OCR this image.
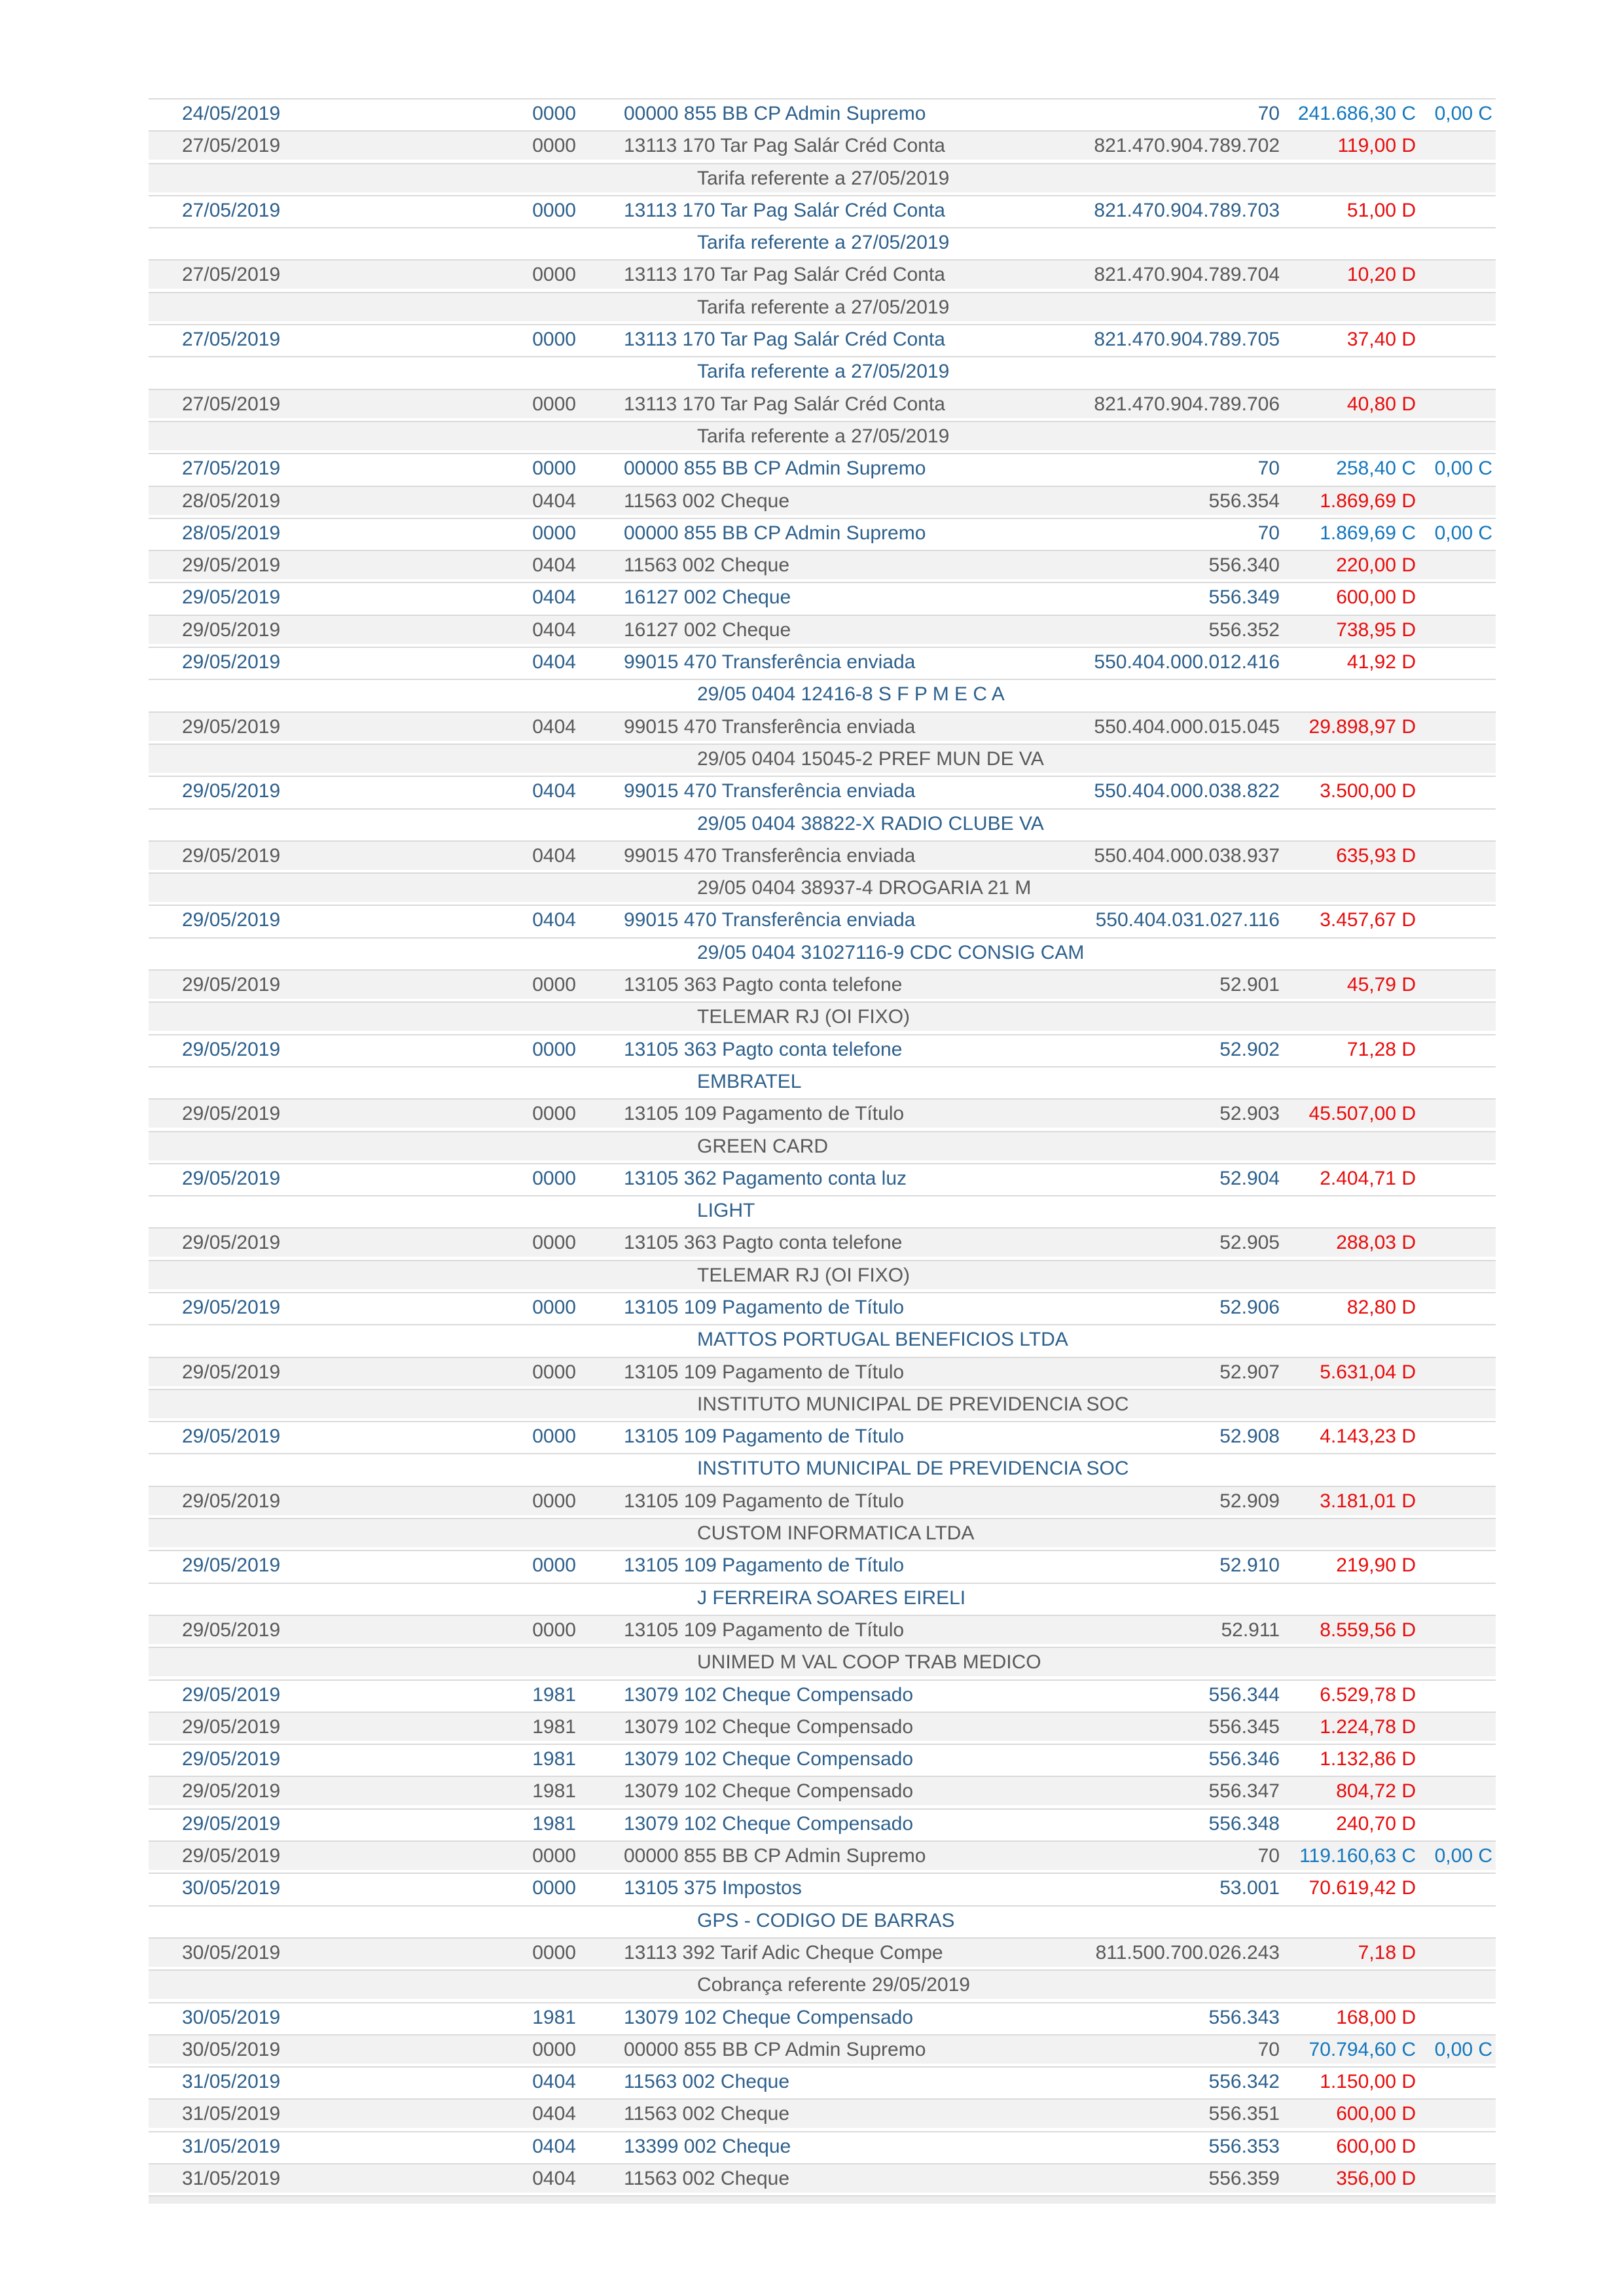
24/05/2019	0000	00000 855 BB CP Admin Supremo	70 241.686,30 C 0,00 C
27/05/2019	0000	13113 170 Tar Pag Salár Créd Conta	821.470.904.789.702	119,00 D
Tarifa referente a 27/05/2019
27/05/2019	0000	13113 170 Tar Pag Salár Créd Conta	821.470.904.789.703	51,00 D
Tarifa referente a 27/05/2019
27/05/2019	0000	13113 170 Tar Pag Salár Créd Conta	821.470.904.789.704	10,20 D
Tarifa referente a 27/05/2019
27/05/2019	0000	13113 170 Tar Pag Salár Créd Conta	821.470.904.789.705	37,40 D
Tarifa referente a 27/05/2019
27/05/2019	0000	13113 170 Tar Pag Salár Créd Conta	821.470.904.789.706	40,80 D
Tarifa referente a 27/05/2019
27/05/2019	0000	00000 855 BB CP Admin Supremo	70	258,40 C 0,00 C
28/05/2019	0404	11563 002 Cheque	556.354	1.869,69 D
28/05/2019	0000	00000 855 BB CP Admin Supremo	70	1.869,69 C 0,00 C
29/05/2019	0404	11563 002 Cheque	556.340	220,00 D
29/05/2019	0404	16127 002 Cheque	556.349	600,00 D
29/05/2019	0404	16127 002 Cheque	556.352	738,95 D
29/05/2019	0404	99015 470 Transferência enviada	550.404.000.012.416	41,92 D
29/05 0404 12416-8 S F P M E C A
29/05/2019	0404	99015 470 Transferência enviada	550.404.000.015.045	29.898,97 D
29/05 0404 15045-2 PREF MUN DE VA
29/05/2019	0404	99015 470 Transferência enviada	550.404.000.038.822	3.500,00 D
29/05 0404 38822-X RADIO CLUBE VA
29/05/2019	0404	99015 470 Transferência enviada	550.404.000.038.937	635,93 D
29/05 0404 38937-4 DROGARIA 21 M
29/05/2019	0404	99015 470 Transferência enviada	550.404.031.027.116	3.457,67 D
29/05 0404 31027116-9 CDC CONSIG CAM
29/05/2019	0000	13105 363 Pagto conta telefone	52.901	45,79 D
TELEMAR RJ (OI FIXO)
29/05/2019	0000	13105 363 Pagto conta telefone	52.902	71,28 D
EMBRATEL
29/05/2019	0000	13105 109 Pagamento de Título	52.903	45.507,00 D
GREEN CARD
29/05/2019	0000	13105 362 Pagamento conta luz	52.904	2.404,71 D
LIGHT
29/05/2019	0000	13105 363 Pagto conta telefone	52.905	288,03 D
TELEMAR RJ (OI FIXO)
29/05/2019	0000	13105 109 Pagamento de Título	52.906	82,80 D
MATTOS PORTUGAL BENEFICIOS LTDA
29/05/2019	0000	13105 109 Pagamento de Título	52.907	5.631,04 D
INSTITUTO MUNICIPAL DE PREVIDENCIA SOC
29/05/2019	0000	13105 109 Pagamento de Título	52.908	4.143,23 D
INSTITUTO MUNICIPAL DE PREVIDENCIA SOC
29/05/2019	0000	13105 109 Pagamento de Título	52.909	3.181,01 D
CUSTOM INFORMATICA LTDA
29/05/2019	0000	13105 109 Pagamento de Título	52.910	219,90 D
J FERREIRA SOARES EIRELI
29/05/2019	0000	13105 109 Pagamento de Título	52.911	8.559,56 D
UNIMED M VAL COOP TRAB MEDICO
29/05/2019	1981	13079 102 Cheque Compensado	556.344	6.529,78 D
29/05/2019	1981	13079 102 Cheque Compensado	556.345	1.224,78 D
29/05/2019	1981	13079 102 Cheque Compensado	556.346	1.132,86 D
29/05/2019	1981	13079 102 Cheque Compensado	556.347	804,72 D
29/05/2019	1981	13079 102 Cheque Compensado	556.348	240,70 D
29/05/2019	0000	00000 855 BB CP Admin Supremo	70	119.160,63 C 0,00 C
30/05/2019	0000	13105 375 Impostos	53.001	70.619,42 D
GPS - CODIGO DE BARRAS
30/05/2019	0000	13113 392 Tarif Adic Cheque Compe	811.500.700.026.243	7,18 D
Cobrança referente 29/05/2019
30/05/2019	1981	13079 102 Cheque Compensado	556.343	168,00 D
30/05/2019	0000	00000 855 BB CP Admin Supremo	70	70.794,60 C 0,00 C
31/05/2019	0404	11563 002 Cheque	556.342	1.150,00 D
31/05/2019	0404	11563 002 Cheque	556.351	600,00 D
31/05/2019	0404	13399 002 Cheque	556.353	600,00 D
31/05/2019	0404	11563 002 Cheque	556.359	356,00 D
